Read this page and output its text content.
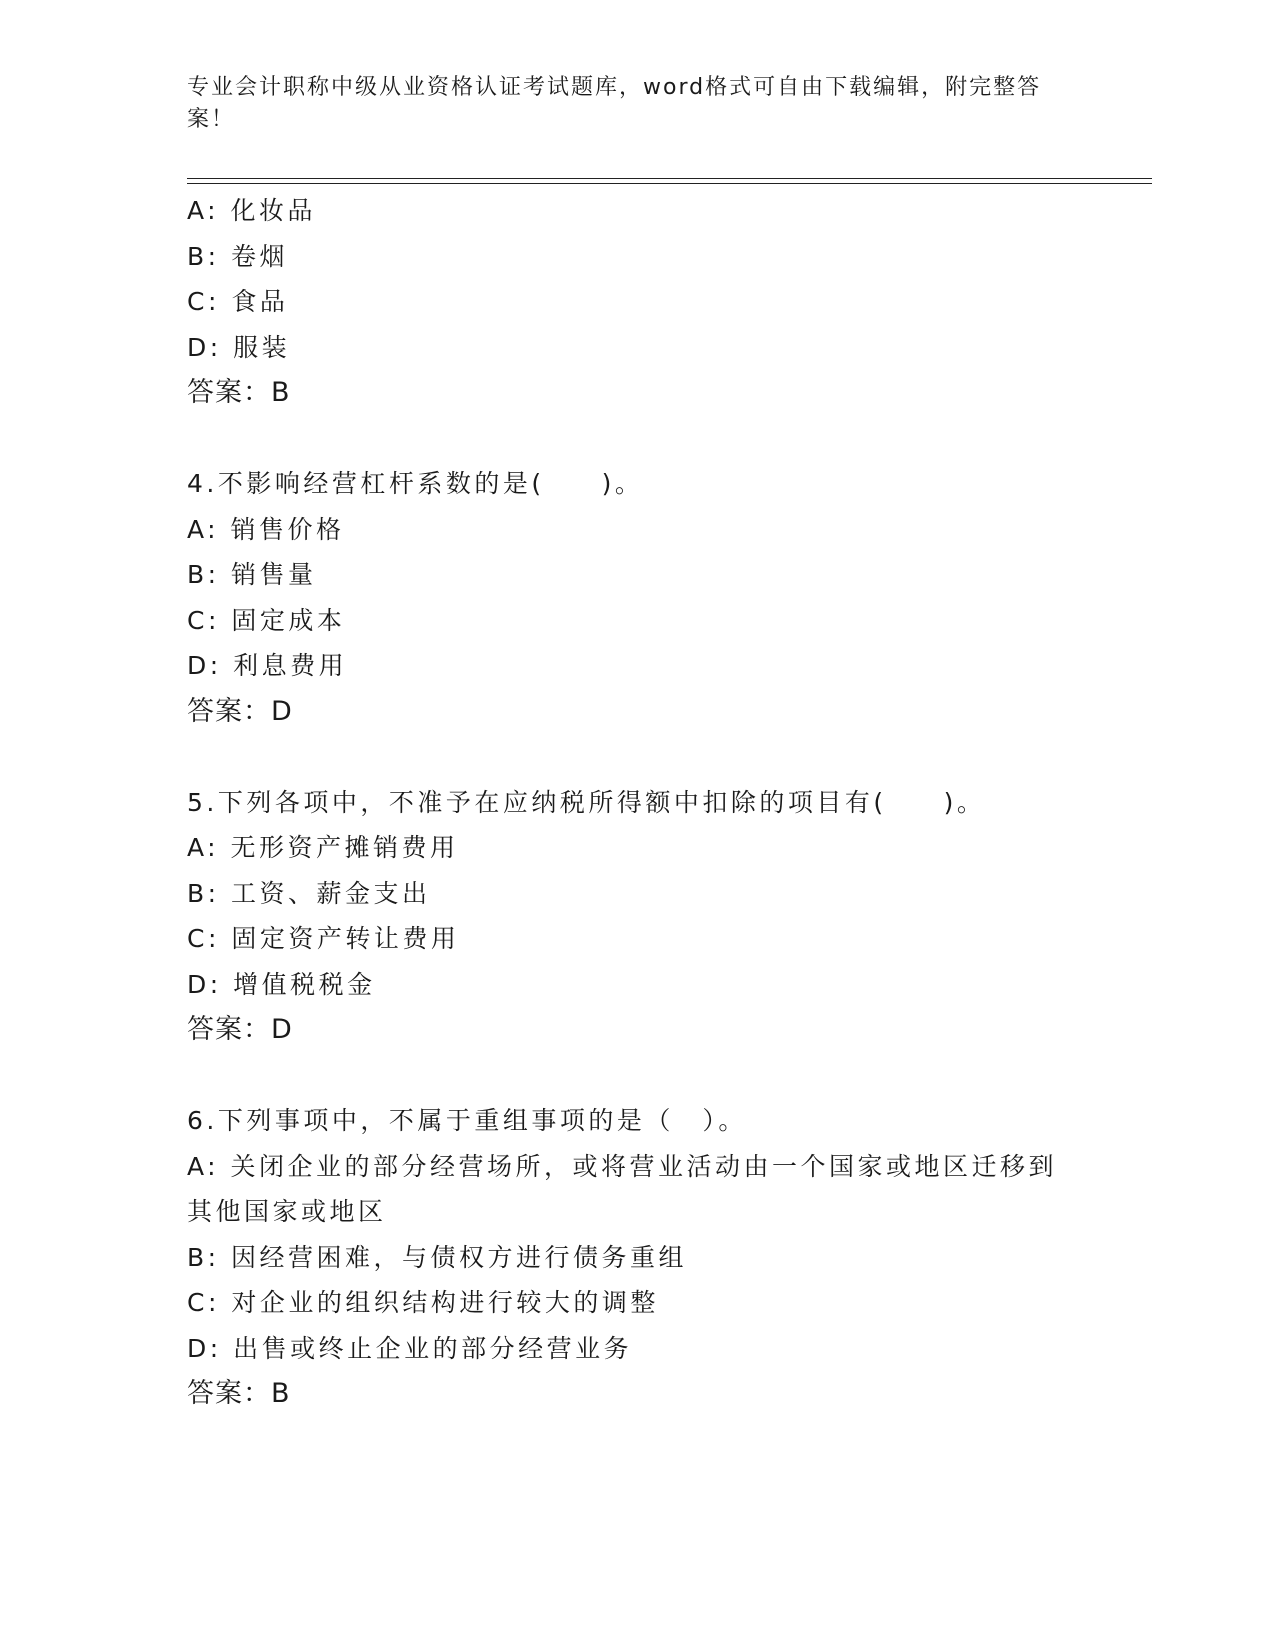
专业会计职称中级从业资格认证考试题库，word格式可自由下载编辑，附完整答案！
A: 化妆品
B: 卷烟
C: 食品
D: 服装
答案：B
4.不影响经营杠杆系数的是(　　)。
A: 销售价格
B: 销售量
C: 固定成本
D: 利息费用
答案：D
5.下列各项中，不准予在应纳税所得额中扣除的项目有(　　)。
A: 无形资产摊销费用
B: 工资、薪金支出
C: 固定资产转让费用
D: 增值税税金
答案：D
6.下列事项中，不属于重组事项的是（　）。
A: 关闭企业的部分经营场所，或将营业活动由一个国家或地区迁移到其他国家或地区
B: 因经营困难，与债权方进行债务重组
C: 对企业的组织结构进行较大的调整
D: 出售或终止企业的部分经营业务
答案：B
